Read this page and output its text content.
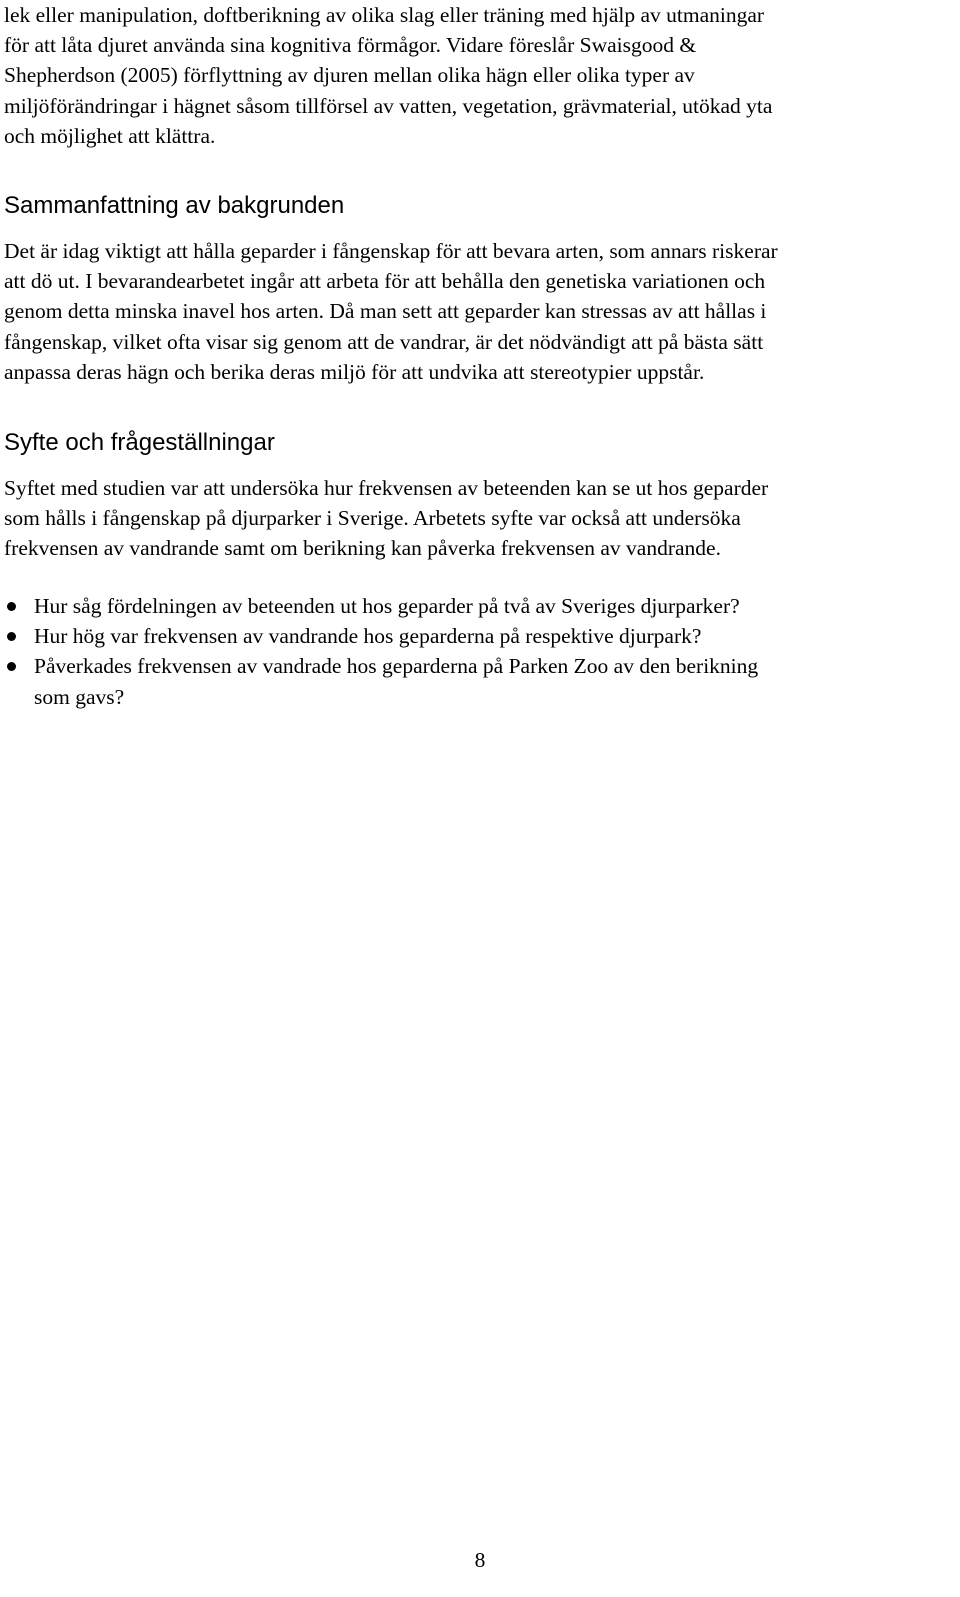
lek eller manipulation, doftberikning av olika slag eller träning med hjälp av utmaningar
för att låta djuret använda sina kognitiva förmågor. Vidare föreslår Swaisgood &
Shepherdson (2005) förflyttning av djuren mellan olika hägn eller olika typer av
miljöförändringar i hägnet såsom tillförsel av vatten, vegetation, grävmaterial, utökad yta
och möjlighet att klättra.

Sammanfattning av bakgrunden

Det är idag viktigt att hålla geparder i fångenskap för att bevara arten, som annars riskerar
att dö ut. I bevarandearbetet ingår att arbeta för att behålla den genetiska variationen och
genom detta minska inavel hos arten. Då man sett att geparder kan stressas av att hållas i
fångenskap, vilket ofta visar sig genom att de vandrar, är det nödvändigt att på bästa sätt
anpassa deras hägn och berika deras miljö för att undvika att stereotypier uppstår.

Syfte och frågeställningar

Syftet med studien var att undersöka hur frekvensen av beteenden kan se ut hos geparder
som hålls i fångenskap på djurparker i Sverige. Arbetets syfte var också att undersöka
frekvensen av vandrande samt om berikning kan påverka frekvensen av vandrande.

Hur såg fördelningen av beteenden ut hos geparder på två av Sveriges djurparker?
Hur hög var frekvensen av vandrande hos geparderna på respektive djurpark?
Påverkades frekvensen av vandrade hos geparderna på Parken Zoo av den berikning
som gavs?
8
